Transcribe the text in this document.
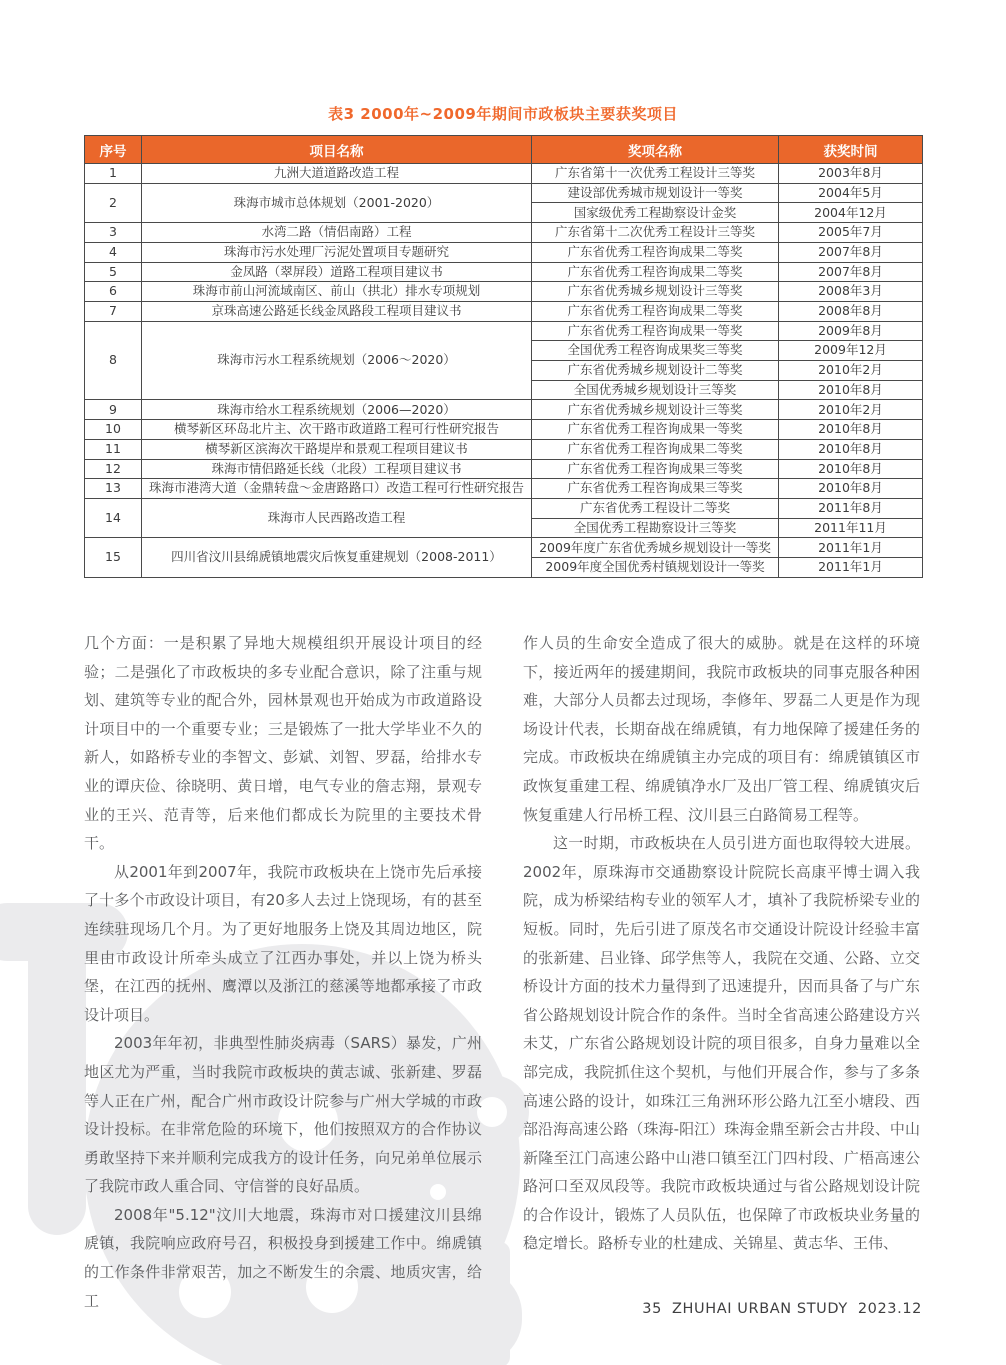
表3 2000年~2009年期间市政板块主要获奖项目
序号	项目名称	奖项名称	获奖时间
1	九洲大道道路改造工程	广东省第十一次优秀工程设计三等奖	2003年8月
2	珠海市城市总体规划（2001-2020）	建设部优秀城市规划设计一等奖	2004年5月
		国家级优秀工程勘察设计金奖	2004年12月
3	水湾二路（情侣南路）工程	广东省第十二次优秀工程设计三等奖	2005年7月
4	珠海市污水处理厂污泥处置项目专题研究	广东省优秀工程咨询成果二等奖	2007年8月
5	金凤路（翠屏段）道路工程项目建议书	广东省优秀工程咨询成果二等奖	2007年8月
6	珠海市前山河流域南区、前山（拱北）排水专项规划	广东省优秀城乡规划设计三等奖	2008年3月
7	京珠高速公路延长线金凤路段工程项目建议书	广东省优秀工程咨询成果二等奖	2008年8月
8	珠海市污水工程系统规划（2006～2020）	广东省优秀工程咨询成果一等奖	2009年8月
		全国优秀工程咨询成果奖三等奖	2009年12月
		广东省优秀城乡规划设计二等奖	2010年2月
		全国优秀城乡规划设计三等奖	2010年8月
9	珠海市给水工程系统规划（2006—2020）	广东省优秀城乡规划设计三等奖	2010年2月
10	横琴新区环岛北片主、次干路市政道路工程可行性研究报告	广东省优秀工程咨询成果一等奖	2010年8月
11	横琴新区滨海次干路堤岸和景观工程项目建议书	广东省优秀工程咨询成果二等奖	2010年8月
12	珠海市情侣路延长线（北段）工程项目建议书	广东省优秀工程咨询成果三等奖	2010年8月
13	珠海市港湾大道（金鼎转盘～金唐路路口）改造工程可行性研究报告	广东省优秀工程咨询成果三等奖	2010年8月
14	珠海市人民西路改造工程	广东省优秀工程设计二等奖	2011年8月
		全国优秀工程勘察设计三等奖	2011年11月
15	四川省汶川县绵虒镇地震灾后恢复重建规划（2008-2011）	2009年度广东省优秀城乡规划设计一等奖	2011年1月
		2009年度全国优秀村镇规划设计一等奖	2011年1月

几个方面：一是积累了异地大规模组织开展设计项目的经验；二是强化了市政板块的多专业配合意识，除了注重与规划、建筑等专业的配合外，园林景观也开始成为市政道路设计项目中的一个重要专业；三是锻炼了一批大学毕业不久的新人，如路桥专业的李智文、彭斌、刘智、罗磊，给排水专业的谭庆俭、徐晓明、黄日增，电气专业的詹志翔，景观专业的王兴、范青等，后来他们都成长为院里的主要技术骨干。

从2001年到2007年，我院市政板块在上饶市先后承接了十多个市政设计项目，有20多人去过上饶现场，有的甚至连续驻现场几个月。为了更好地服务上饶及其周边地区，院里由市政设计所牵头成立了江西办事处，并以上饶为桥头堡，在江西的抚州、鹰潭以及浙江的慈溪等地都承接了市政设计项目。

2003年年初，非典型性肺炎病毒（SARS）暴发，广州地区尤为严重，当时我院市政板块的黄志诚、张新建、罗磊等人正在广州，配合广州市政设计院参与广州大学城的市政设计投标。在非常危险的环境下，他们按照双方的合作协议勇敢坚持下来并顺利完成我方的设计任务，向兄弟单位展示了我院市政人重合同、守信誉的良好品质。

2008年"5.12"汶川大地震，珠海市对口援建汶川县绵虒镇，我院响应政府号召，积极投身到援建工作中。绵虒镇的工作条件非常艰苦，加之不断发生的余震、地质灾害，给工

作人员的生命安全造成了很大的威胁。就是在这样的环境下，接近两年的援建期间，我院市政板块的同事克服各种困难，大部分人员都去过现场，李修年、罗磊二人更是作为现场设计代表，长期奋战在绵虒镇，有力地保障了援建任务的完成。市政板块在绵虒镇主办完成的项目有：绵虒镇镇区市政恢复重建工程、绵虒镇净水厂及出厂管工程、绵虒镇灾后恢复重建人行吊桥工程、汶川县三白路简易工程等。

这一时期，市政板块在人员引进方面也取得较大进展。2002年，原珠海市交通勘察设计院院长高康平博士调入我院，成为桥梁结构专业的领军人才，填补了我院桥梁专业的短板。同时，先后引进了原茂名市交通设计院设计经验丰富的张新建、吕业锋、邱学焦等人，我院在交通、公路、立交桥设计方面的技术力量得到了迅速提升，因而具备了与广东省公路规划设计院合作的条件。当时全省高速公路建设方兴未艾，广东省公路规划设计院的项目很多，自身力量难以全部完成，我院抓住这个契机，与他们开展合作，参与了多条高速公路的设计，如珠江三角洲环形公路九江至小塘段、西部沿海高速公路（珠海-阳江）珠海金鼎至新会古井段、中山新隆至江门高速公路中山港口镇至江门四村段、广梧高速公路河口至双凤段等。我院市政板块通过与省公路规划设计院的合作设计，锻炼了人员队伍，也保障了市政板块业务量的稳定增长。路桥专业的杜建成、关锦星、黄志华、王伟、

35 ZHUHAI URBAN STUDY 2023.12
